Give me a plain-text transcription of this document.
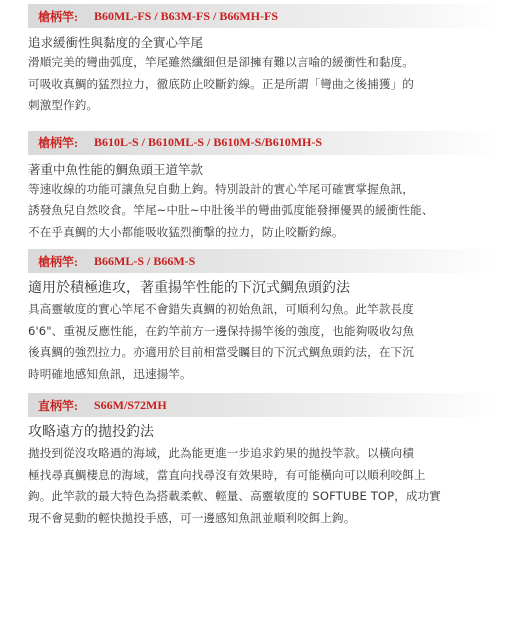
槍柄竿: B60ML-FS / B63M-FS / B66MH-FS
追求緩衝性與黏度的全實心竿尾
滑順完美的彎曲弧度，竿尾雖然纖細但是卻擁有難以言喻的緩衝性和黏度。
可吸收真鯛的猛烈拉力，徹底防止咬斷釣線。正是所謂「彎曲之後捕獲」的
刺激型作釣。
槍柄竿: B610L-S / B610ML-S / B610M-S/B610MH-S
著重中魚性能的鯛魚頭王道竿款
等速收線的功能可讓魚兒自動上鉤。特別設計的實心竿尾可確實掌握魚訊，
誘發魚兒自然咬食。竿尾~中肚~中肚後半的彎曲弧度能發揮優異的緩衝性能、
不在乎真鯛的大小都能吸收猛烈衝擊的拉力，防止咬斷釣線。
槍柄竿: B66ML-S / B66M-S
適用於積極進攻，著重揚竿性能的下沉式鯛魚頭釣法
具高靈敏度的實心竿尾不會錯失真鯛的初始魚訊，可順利勾魚。此竿款長度
6'6"、重視反應性能，在釣竿前方一邊保持揚竿後的強度，也能夠吸收勾魚
後真鯛的強烈拉力。亦適用於目前相當受矚目的下沉式鯛魚頭釣法，在下沉
時明確地感知魚訊，迅速揚竿。
直柄竿: S66M/S72MH
攻略遠方的拋投釣法
拋投到從沒攻略過的海域，此為能更進一步追求釣果的拋投竿款。以橫向積
極找尋真鯛棲息的海域，當直向找尋沒有效果時，有可能橫向可以順利咬餌上
鉤。此竿款的最大特色為搭載柔軟、輕量、高靈敏度的 SOFTUBE TOP，成功實
現不會晃動的輕快拋投手感，可一邊感知魚訊並順利咬餌上鉤。
